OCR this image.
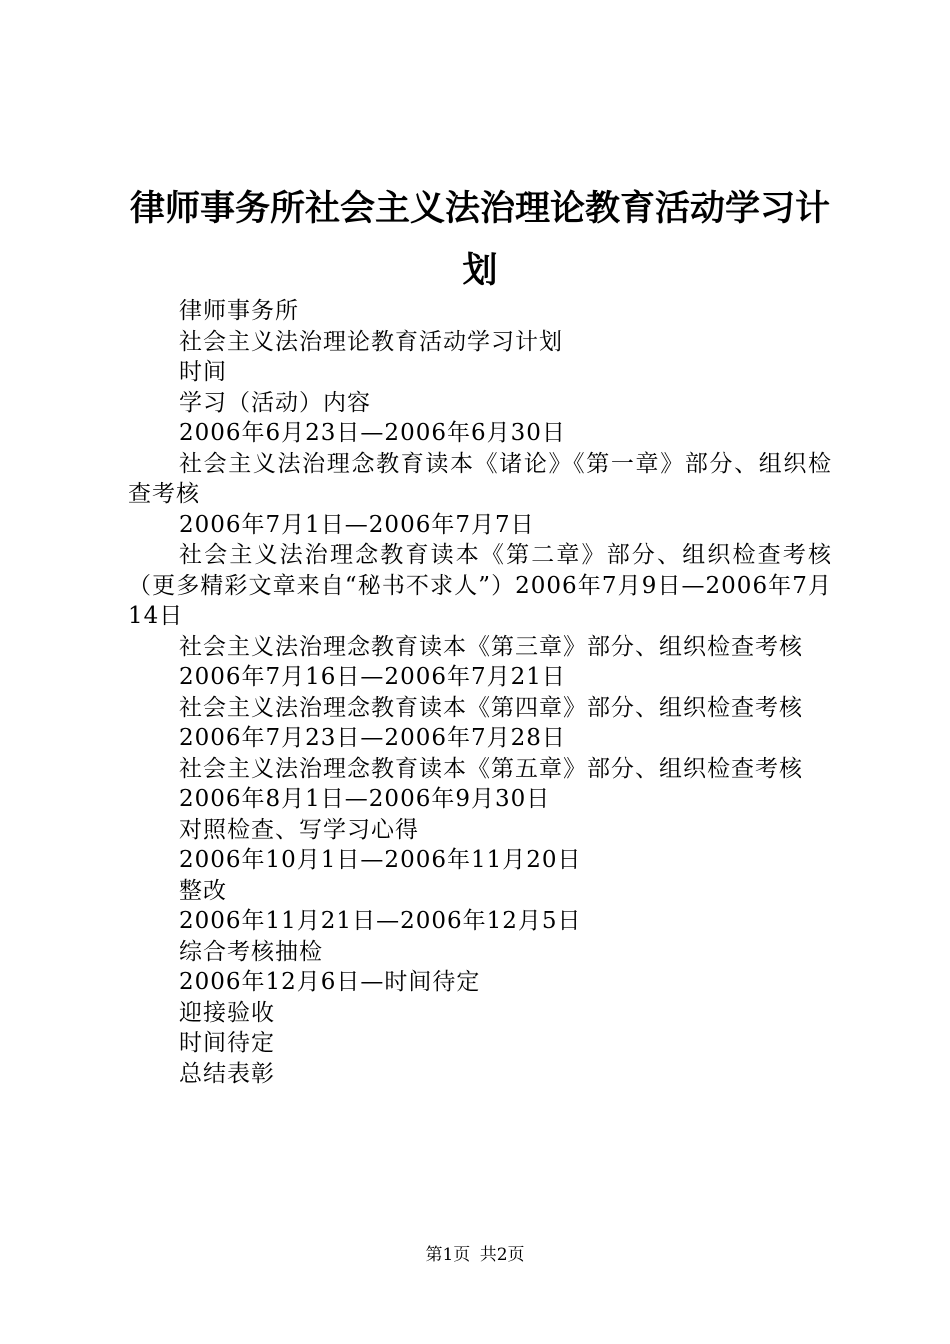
律师事务所社会主义法治理论教育活动学习计划

律师事务所

社会主义法治理论教育活动学习计划

时间

学习（活动）内容

2006年6月23日—2006年6月30日

社会主义法治理念教育读本《诸论》《第一章》部分、组织检查考核

2006年7月1日—2006年7月7日

社会主义法治理念教育读本《第二章》部分、组织检查考核（更多精彩文章来自“秘书不求人”）2006年7月9日—2006年7月14日

社会主义法治理念教育读本《第三章》部分、组织检查考核

2006年7月16日—2006年7月21日

社会主义法治理念教育读本《第四章》部分、组织检查考核

2006年7月23日—2006年7月28日

社会主义法治理念教育读本《第五章》部分、组织检查考核

2006年8月1日—2006年9月30日

对照检查、写学习心得

2006年10月1日—2006年11月20日

整改

2006年11月21日—2006年12月5日

综合考核抽检

2006年12月6日—时间待定

迎接验收

时间待定

总结表彰

第1页 共2页
